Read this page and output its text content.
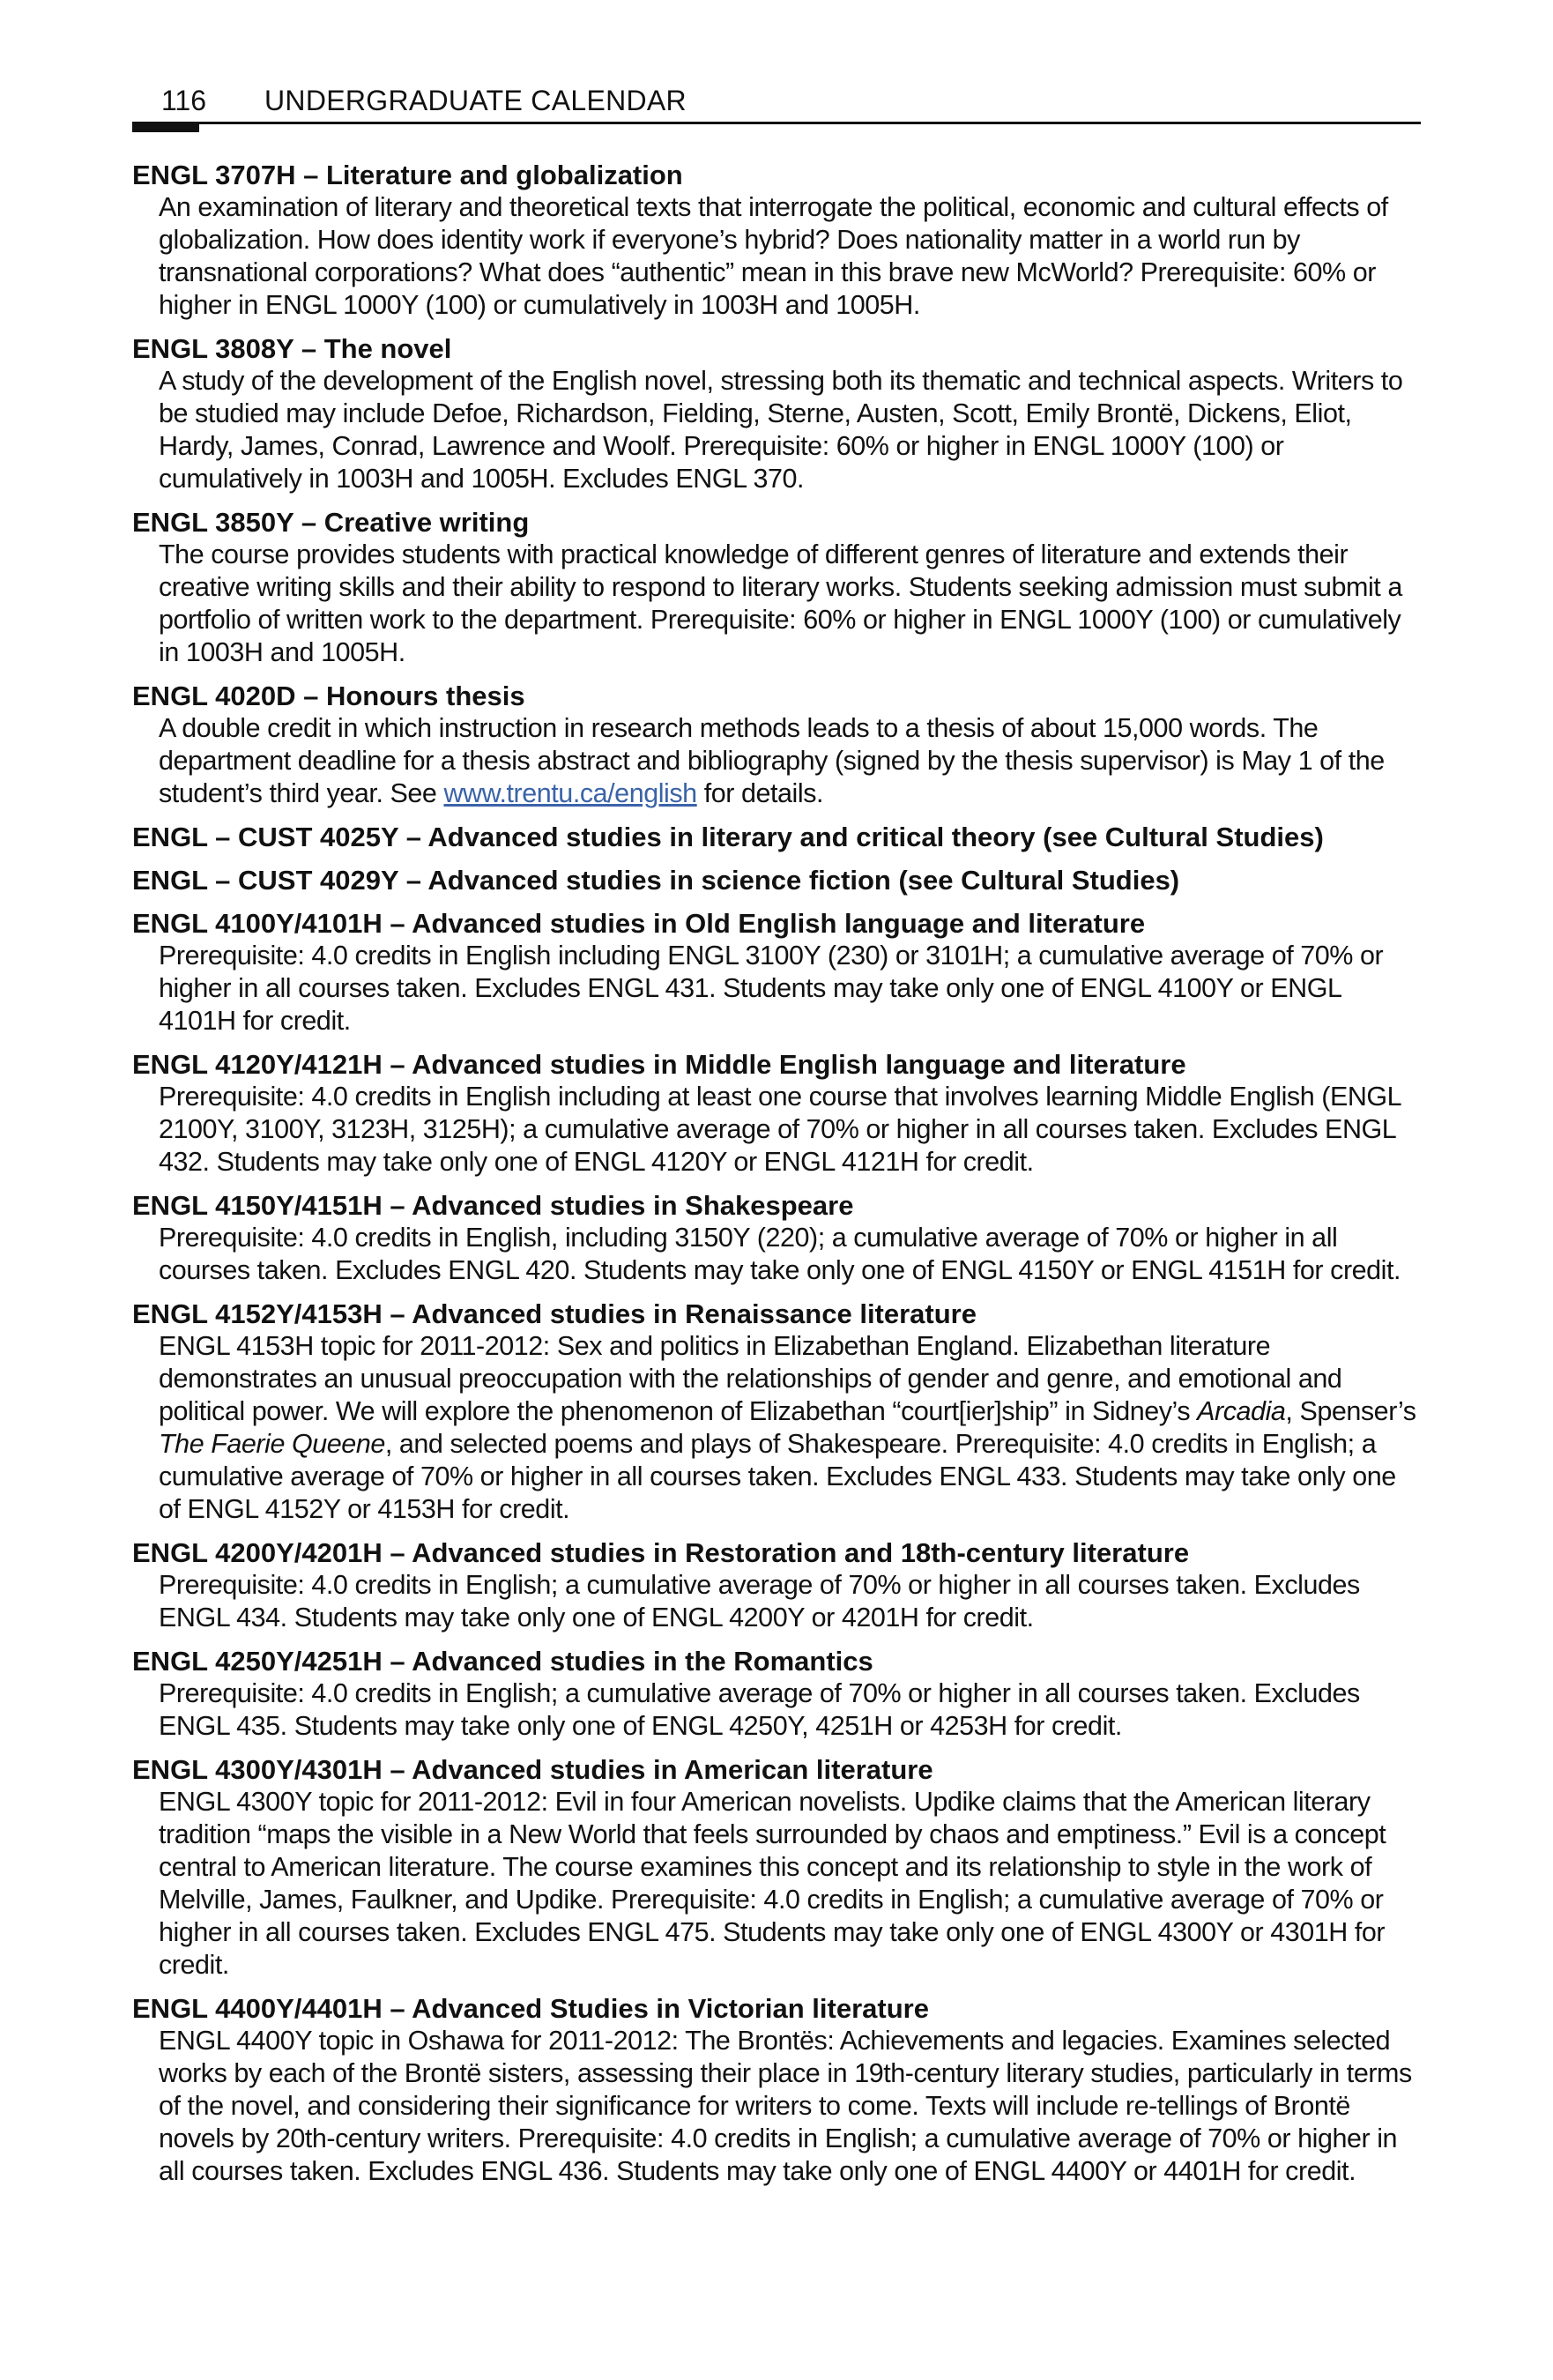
116 UNDERGRADUATE CALENDAR
ENGL 3707H – Literature and globalization

An examination of literary and theoretical texts that interrogate the political, economic and cultural effects of globalization. How does identity work if everyone’s hybrid? Does nationality matter in a world run by transnational corporations? What does “authentic” mean in this brave new McWorld? Prerequisite: 60% or higher in ENGL 1000Y (100) or cumulatively in 1003H and 1005H.

ENGL 3808Y – The novel

A study of the development of the English novel, stressing both its thematic and technical aspects. Writers to be studied may include Defoe, Richardson, Fielding, Sterne, Austen, Scott, Emily Brontë, Dickens, Eliot, Hardy, James, Conrad, Lawrence and Woolf. Prerequisite: 60% or higher in ENGL 1000Y (100) or cumulatively in 1003H and 1005H. Excludes ENGL 370.

ENGL 3850Y – Creative writing

The course provides students with practical knowledge of different genres of literature and extends their creative writing skills and their ability to respond to literary works. Students seeking admission must submit a portfolio of written work to the department. Prerequisite: 60% or higher in ENGL 1000Y (100) or cumulatively in 1003H and 1005H.

ENGL 4020D – Honours thesis

A double credit in which instruction in research methods leads to a thesis of about 15,000 words. The department deadline for a thesis abstract and bibliography (signed by the thesis supervisor) is May 1 of the student’s third year. See www.trentu.ca/english for details.

ENGL – CUST 4025Y – Advanced studies in literary and critical theory (see Cultural Studies)
ENGL – CUST 4029Y – Advanced studies in science fiction (see Cultural Studies)
ENGL 4100Y/4101H – Advanced studies in Old English language and literature

Prerequisite: 4.0 credits in English including ENGL 3100Y (230) or 3101H; a cumulative average of 70% or higher in all courses taken. Excludes ENGL 431. Students may take only one of ENGL 4100Y or ENGL 4101H for credit.

ENGL 4120Y/4121H – Advanced studies in Middle English language and literature

Prerequisite: 4.0 credits in English including at least one course that involves learning Middle English (ENGL 2100Y, 3100Y, 3123H, 3125H); a cumulative average of 70% or higher in all courses taken. Excludes ENGL 432. Students may take only one of ENGL 4120Y or ENGL 4121H for credit.

ENGL 4150Y/4151H – Advanced studies in Shakespeare

Prerequisite: 4.0 credits in English, including 3150Y (220); a cumulative average of 70% or higher in all courses taken. Excludes ENGL 420. Students may take only one of ENGL 4150Y or ENGL 4151H for credit.

ENGL 4152Y/4153H – Advanced studies in Renaissance literature

ENGL 4153H topic for 2011-2012: Sex and politics in Elizabethan England. Elizabethan literature demonstrates an unusual preoccupation with the relationships of gender and genre, and emotional and political power. We will explore the phenomenon of Elizabethan “court[ier]ship” in Sidney’s Arcadia, Spenser’s The Faerie Queene, and selected poems and plays of Shakespeare. Prerequisite: 4.0 credits in English; a cumulative average of 70% or higher in all courses taken. Excludes ENGL 433. Students may take only one of ENGL 4152Y or 4153H for credit.

ENGL 4200Y/4201H – Advanced studies in Restoration and 18th-century literature

Prerequisite: 4.0 credits in English; a cumulative average of 70% or higher in all courses taken. Excludes ENGL 434. Students may take only one of ENGL 4200Y or 4201H for credit.

ENGL 4250Y/4251H – Advanced studies in the Romantics

Prerequisite: 4.0 credits in English; a cumulative average of 70% or higher in all courses taken. Excludes ENGL 435. Students may take only one of ENGL 4250Y, 4251H or 4253H for credit.

ENGL 4300Y/4301H – Advanced studies in American literature

ENGL 4300Y topic for 2011-2012: Evil in four American novelists. Updike claims that the American literary tradition “maps the visible in a New World that feels surrounded by chaos and emptiness.” Evil is a concept central to American literature. The course examines this concept and its relationship to style in the work of Melville, James, Faulkner, and Updike. Prerequisite: 4.0 credits in English; a cumulative average of 70% or higher in all courses taken. Excludes ENGL 475. Students may take only one of ENGL 4300Y or 4301H for credit.

ENGL 4400Y/4401H – Advanced Studies in Victorian literature

ENGL 4400Y topic in Oshawa for 2011-2012: The Brontës: Achievements and legacies. Examines selected works by each of the Brontë sisters, assessing their place in 19th-century literary studies, particularly in terms of the novel, and considering their significance for writers to come. Texts will include re-tellings of Brontë novels by 20th-century writers. Prerequisite: 4.0 credits in English; a cumulative average of 70% or higher in all courses taken. Excludes ENGL 436. Students may take only one of ENGL 4400Y or 4401H for credit.
